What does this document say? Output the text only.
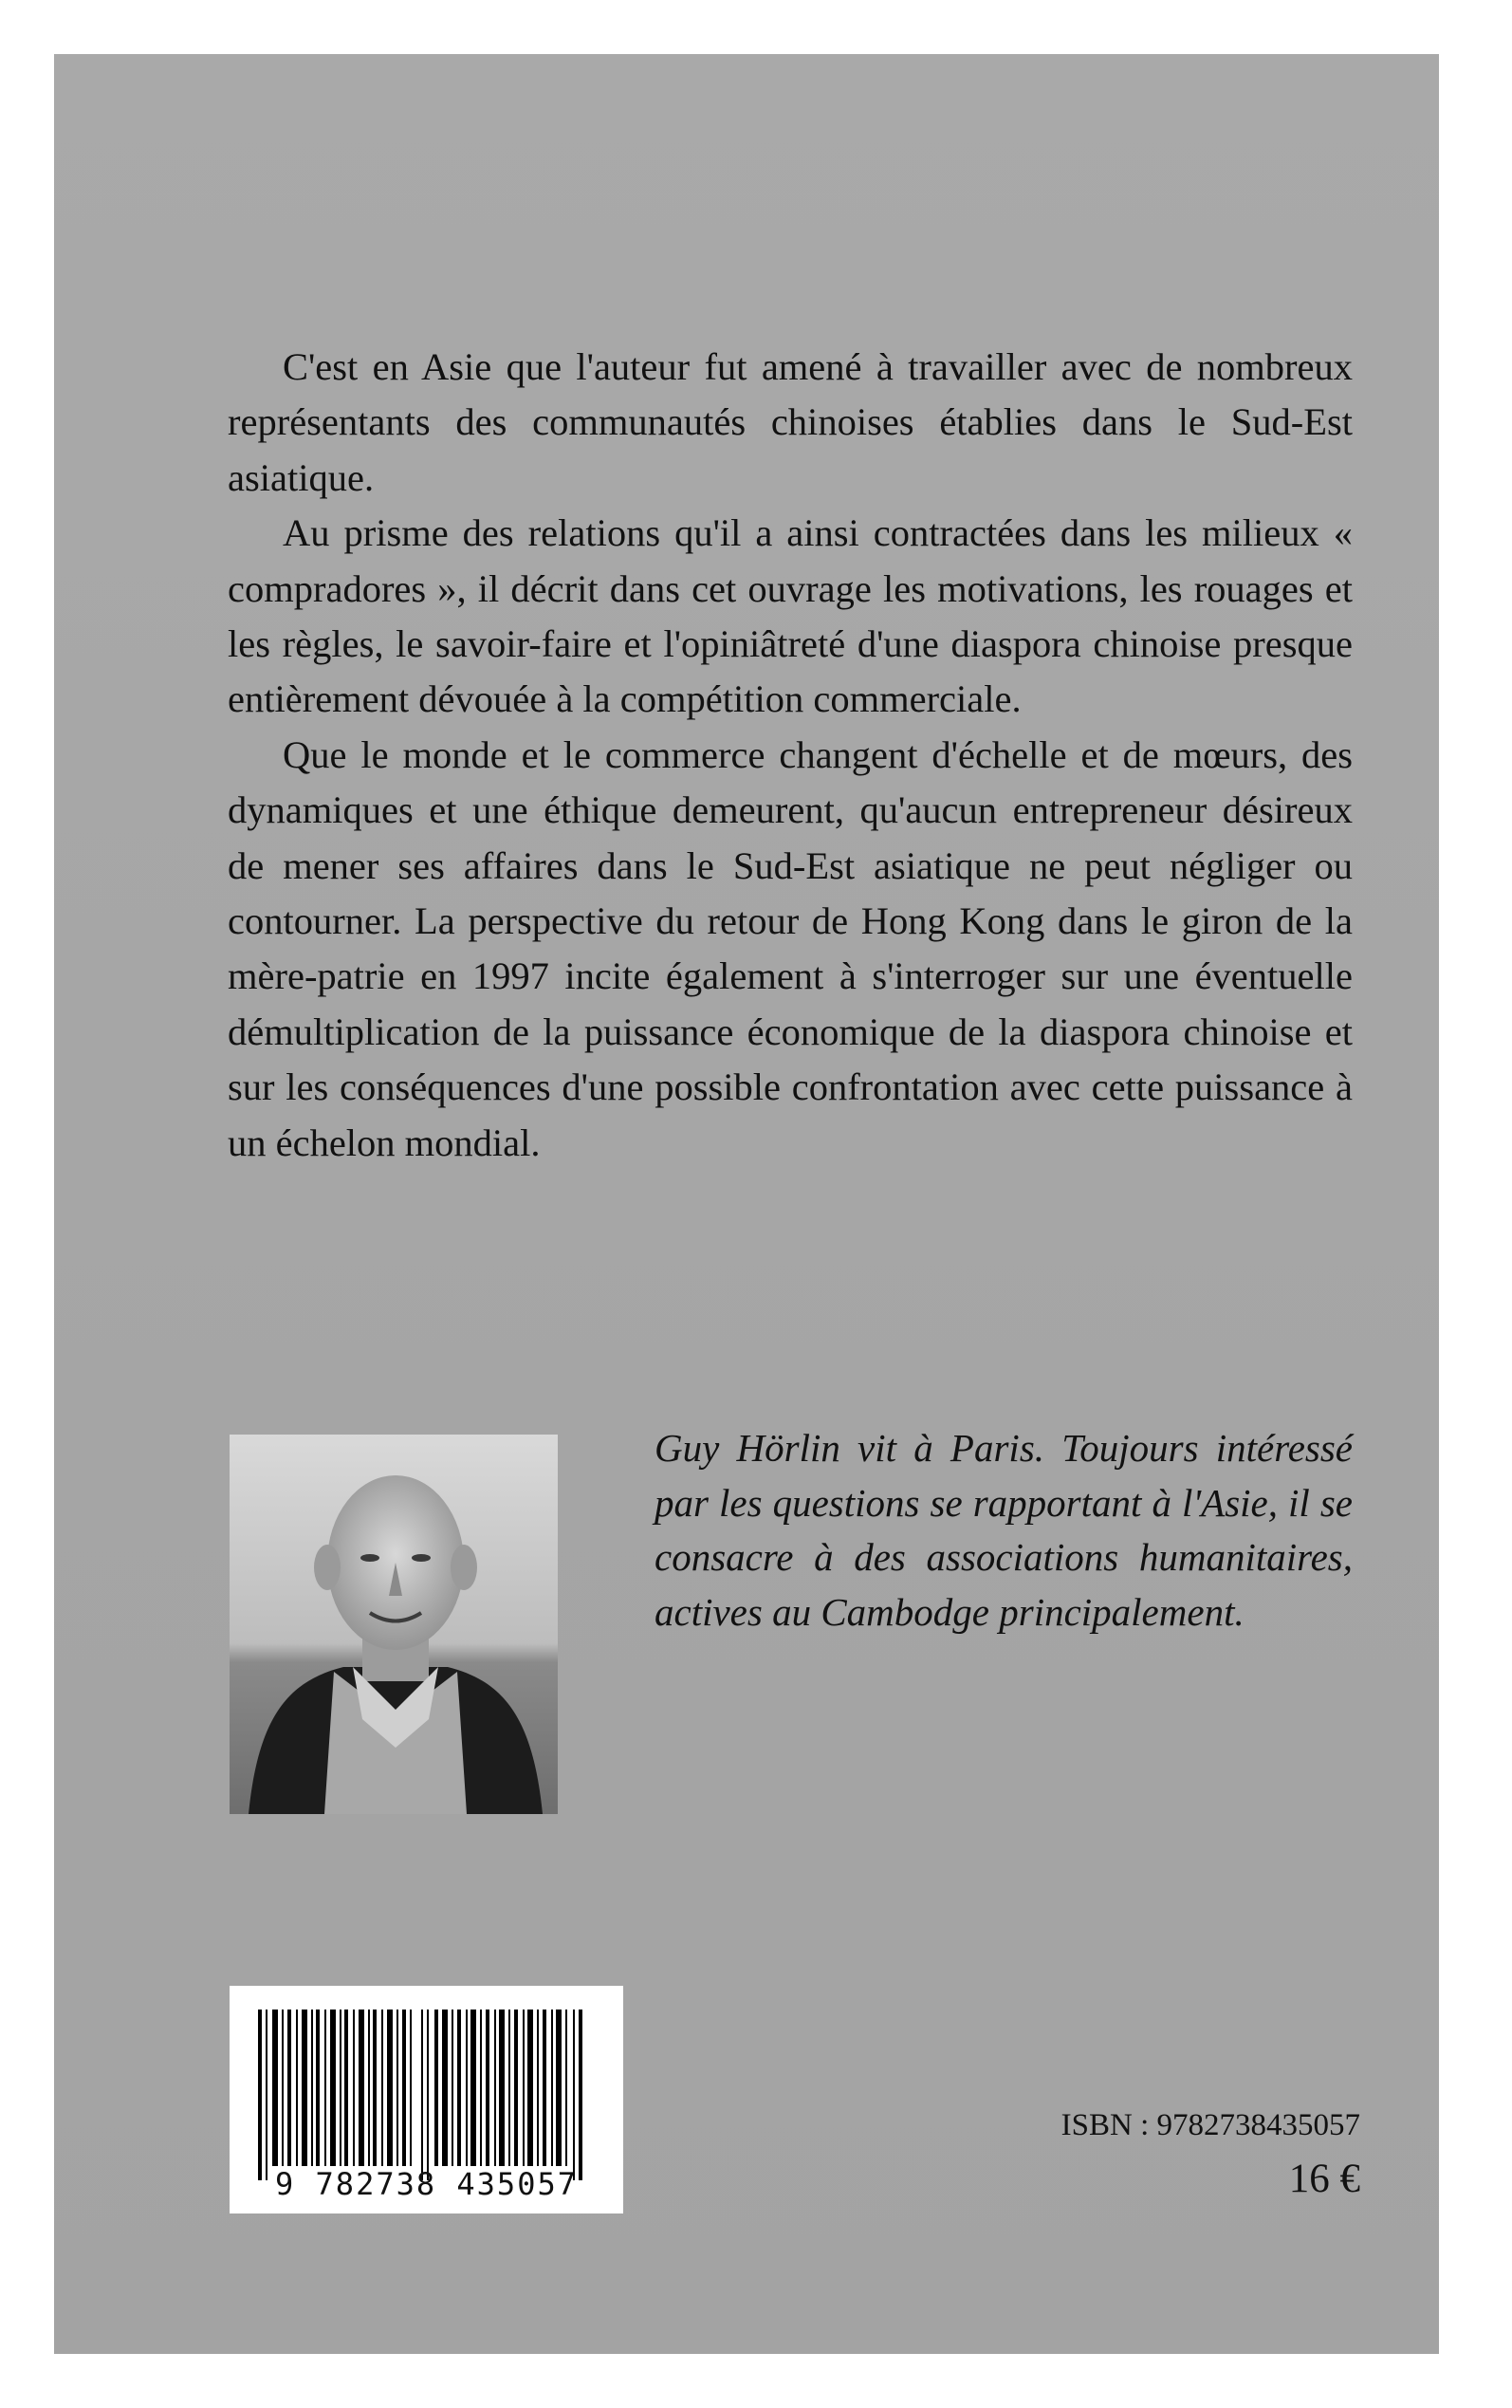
C'est en Asie que l'auteur fut amené à travailler avec de nombreux représentants des communautés chinoises établies dans le Sud-Est asiatique.

Au prisme des relations qu'il a ainsi contractées dans les milieux « compradores », il décrit dans cet ouvrage les motivations, les rouages et les règles, le savoir-faire et l'opiniâtreté d'une diaspora chinoise presque entièrement dévouée à la compétition commerciale.

Que le monde et le commerce changent d'échelle et de mœurs, des dynamiques et une éthique demeurent, qu'aucun entrepreneur désireux de mener ses affaires dans le Sud-Est asiatique ne peut négliger ou contourner. La perspective du retour de Hong Kong dans le giron de la mère-patrie en 1997 incite également à s'interroger sur une éventuelle démultiplication de la puissance économique de la diaspora chinoise et sur les conséquences d'une possible confrontation avec cette puissance à un échelon mondial.

Guy Hörlin vit à Paris. Toujours intéressé par les questions se rapportant à l'Asie, il se consacre à des associations humanitaires, actives au Cambodge principalement.
9 782738 435057
ISBN : 9782738435057
16 €
